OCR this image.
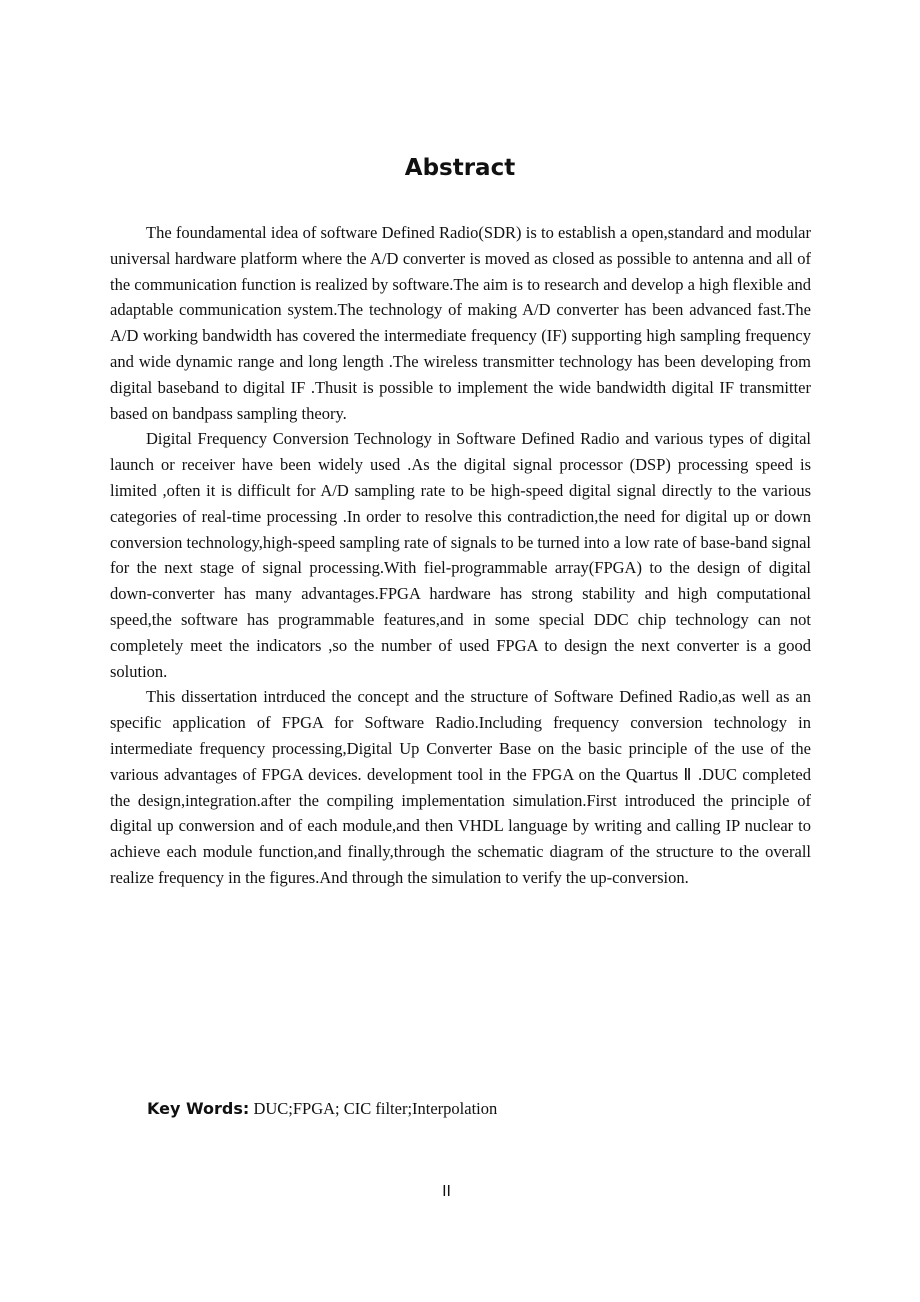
Abstract

The foundamental idea of software Defined Radio(SDR) is to establish a open,standard and modular universal hardware platform where the A/D converter is moved as closed as possible to antenna and all of the communication function is realized by software.The aim is to research and develop a high flexible and adaptable communication system.The technology of making A/D converter has been advanced fast.The A/D working bandwidth has covered the intermediate frequency (IF) supporting high sampling frequency and wide dynamic range and long length .The wireless transmitter technology has been developing from digital baseband to digital IF .Thusit is possible to implement the wide bandwidth digital IF transmitter based on bandpass sampling theory.

Digital Frequency Conversion Technology in Software Defined Radio and various types of digital launch or receiver have been widely used .As the digital signal processor (DSP) processing speed is limited ,often it is difficult for A/D sampling rate to be high-speed digital signal directly to the various categories of real-time processing .In order to resolve this contradiction,the need for digital up or down conversion technology,high-speed sampling rate of signals to be turned into a low rate of base-band signal for the next stage of signal processing.With fiel-programmable array(FPGA) to the design of digital down-converter has many advantages.FPGA hardware has strong stability and high computational speed,the software has programmable features,and in some special DDC chip technology can not completely meet the indicators ,so the number of used FPGA to design the next converter is a good solution.

This dissertation intrduced the concept and the structure of Software Defined Radio,as well as an specific application of FPGA for Software Radio.Including frequency conversion technology in intermediate frequency processing,Digital Up Converter Base on the basic principle of the use of the various advantages of FPGA devices. development tool in the FPGA on the Quartus Ⅱ .DUC completed the design,integration.after the compiling implementation simulation.First introduced the principle of digital up conwersion and of each module,and then VHDL language by writing and calling IP nuclear to achieve each module function,and finally,through the schematic diagram of the structure to the overall realize frequency in the figures.And through the simulation to verify the up-conversion.

Key Words: DUC;FPGA; CIC filter;Interpolation
II
